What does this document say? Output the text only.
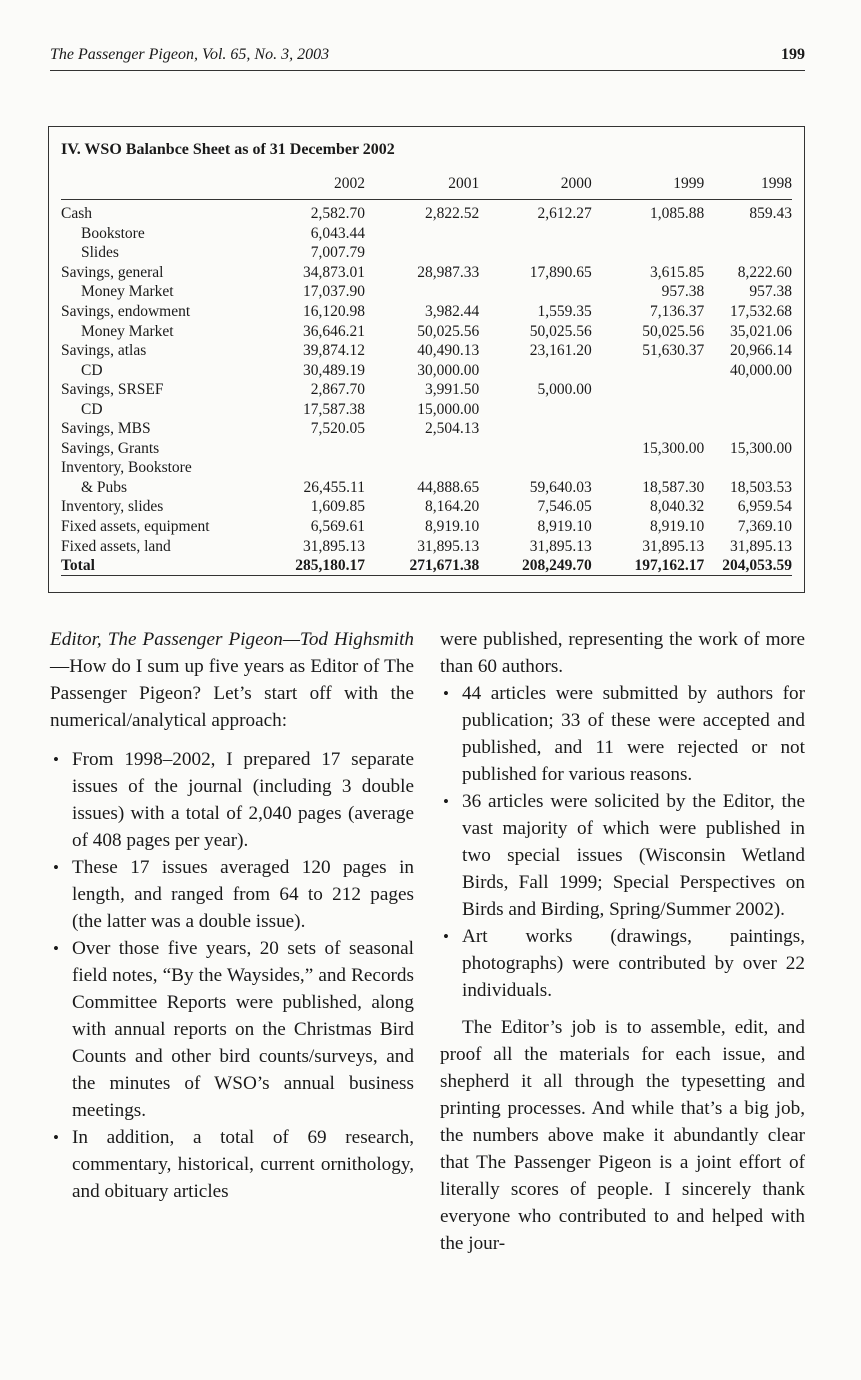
The Passenger Pigeon, Vol. 65, No. 3, 2003	199
IV. WSO Balanbce Sheet as of 31 December 2002
	2002	2001	2000	1999	1998
Cash	2,582.70	2,822.52	2,612.27	1,085.88	859.43
Bookstore	6,043.44				
Slides	7,007.79				
Savings, general	34,873.01	28,987.33	17,890.65	3,615.85	8,222.60
Money Market	17,037.90			957.38	957.38
Savings, endowment	16,120.98	3,982.44	1,559.35	7,136.37	17,532.68
Money Market	36,646.21	50,025.56	50,025.56	50,025.56	35,021.06
Savings, atlas	39,874.12	40,490.13	23,161.20	51,630.37	20,966.14
CD	30,489.19	30,000.00			40,000.00
Savings, SRSEF	2,867.70	3,991.50	5,000.00		
CD	17,587.38	15,000.00			
Savings, MBS	7,520.05	2,504.13			
Savings, Grants				15,300.00	15,300.00
Inventory, Bookstore					
& Pubs	26,455.11	44,888.65	59,640.03	18,587.30	18,503.53
Inventory, slides	1,609.85	8,164.20	7,546.05	8,040.32	6,959.54
Fixed assets, equipment	6,569.61	8,919.10	8,919.10	8,919.10	7,369.10
Fixed assets, land	31,895.13	31,895.13	31,895.13	31,895.13	31,895.13
Total	285,180.17	271,671.38	208,249.70	197,162.17	204,053.59

Editor, The Passenger Pigeon—Tod Highsmith—How do I sum up five years as Editor of The Passenger Pigeon? Let’s start off with the numerical/analytical approach:

• From 1998–2002, I prepared 17 separate issues of the journal (including 3 double issues) with a total of 2,040 pages (average of 408 pages per year).
• These 17 issues averaged 120 pages in length, and ranged from 64 to 212 pages (the latter was a double issue).
• Over those five years, 20 sets of seasonal field notes, “By the Waysides,” and Records Committee Reports were published, along with annual reports on the Christmas Bird Counts and other bird counts/surveys, and the minutes of WSO’s annual business meetings.
• In addition, a total of 69 research, commentary, historical, current ornithology, and obituary articles

were published, representing the work of more than 60 authors.

• 44 articles were submitted by authors for publication; 33 of these were accepted and published, and 11 were rejected or not published for various reasons.
• 36 articles were solicited by the Editor, the vast majority of which were published in two special issues (Wisconsin Wetland Birds, Fall 1999; Special Perspectives on Birds and Birding, Spring/Summer 2002).
• Art works (drawings, paintings, photographs) were contributed by over 22 individuals.

The Editor’s job is to assemble, edit, and proof all the materials for each issue, and shepherd it all through the typesetting and printing processes. And while that’s a big job, the numbers above make it abundantly clear that The Passenger Pigeon is a joint effort of literally scores of people. I sincerely thank everyone who contributed to and helped with the jour-
